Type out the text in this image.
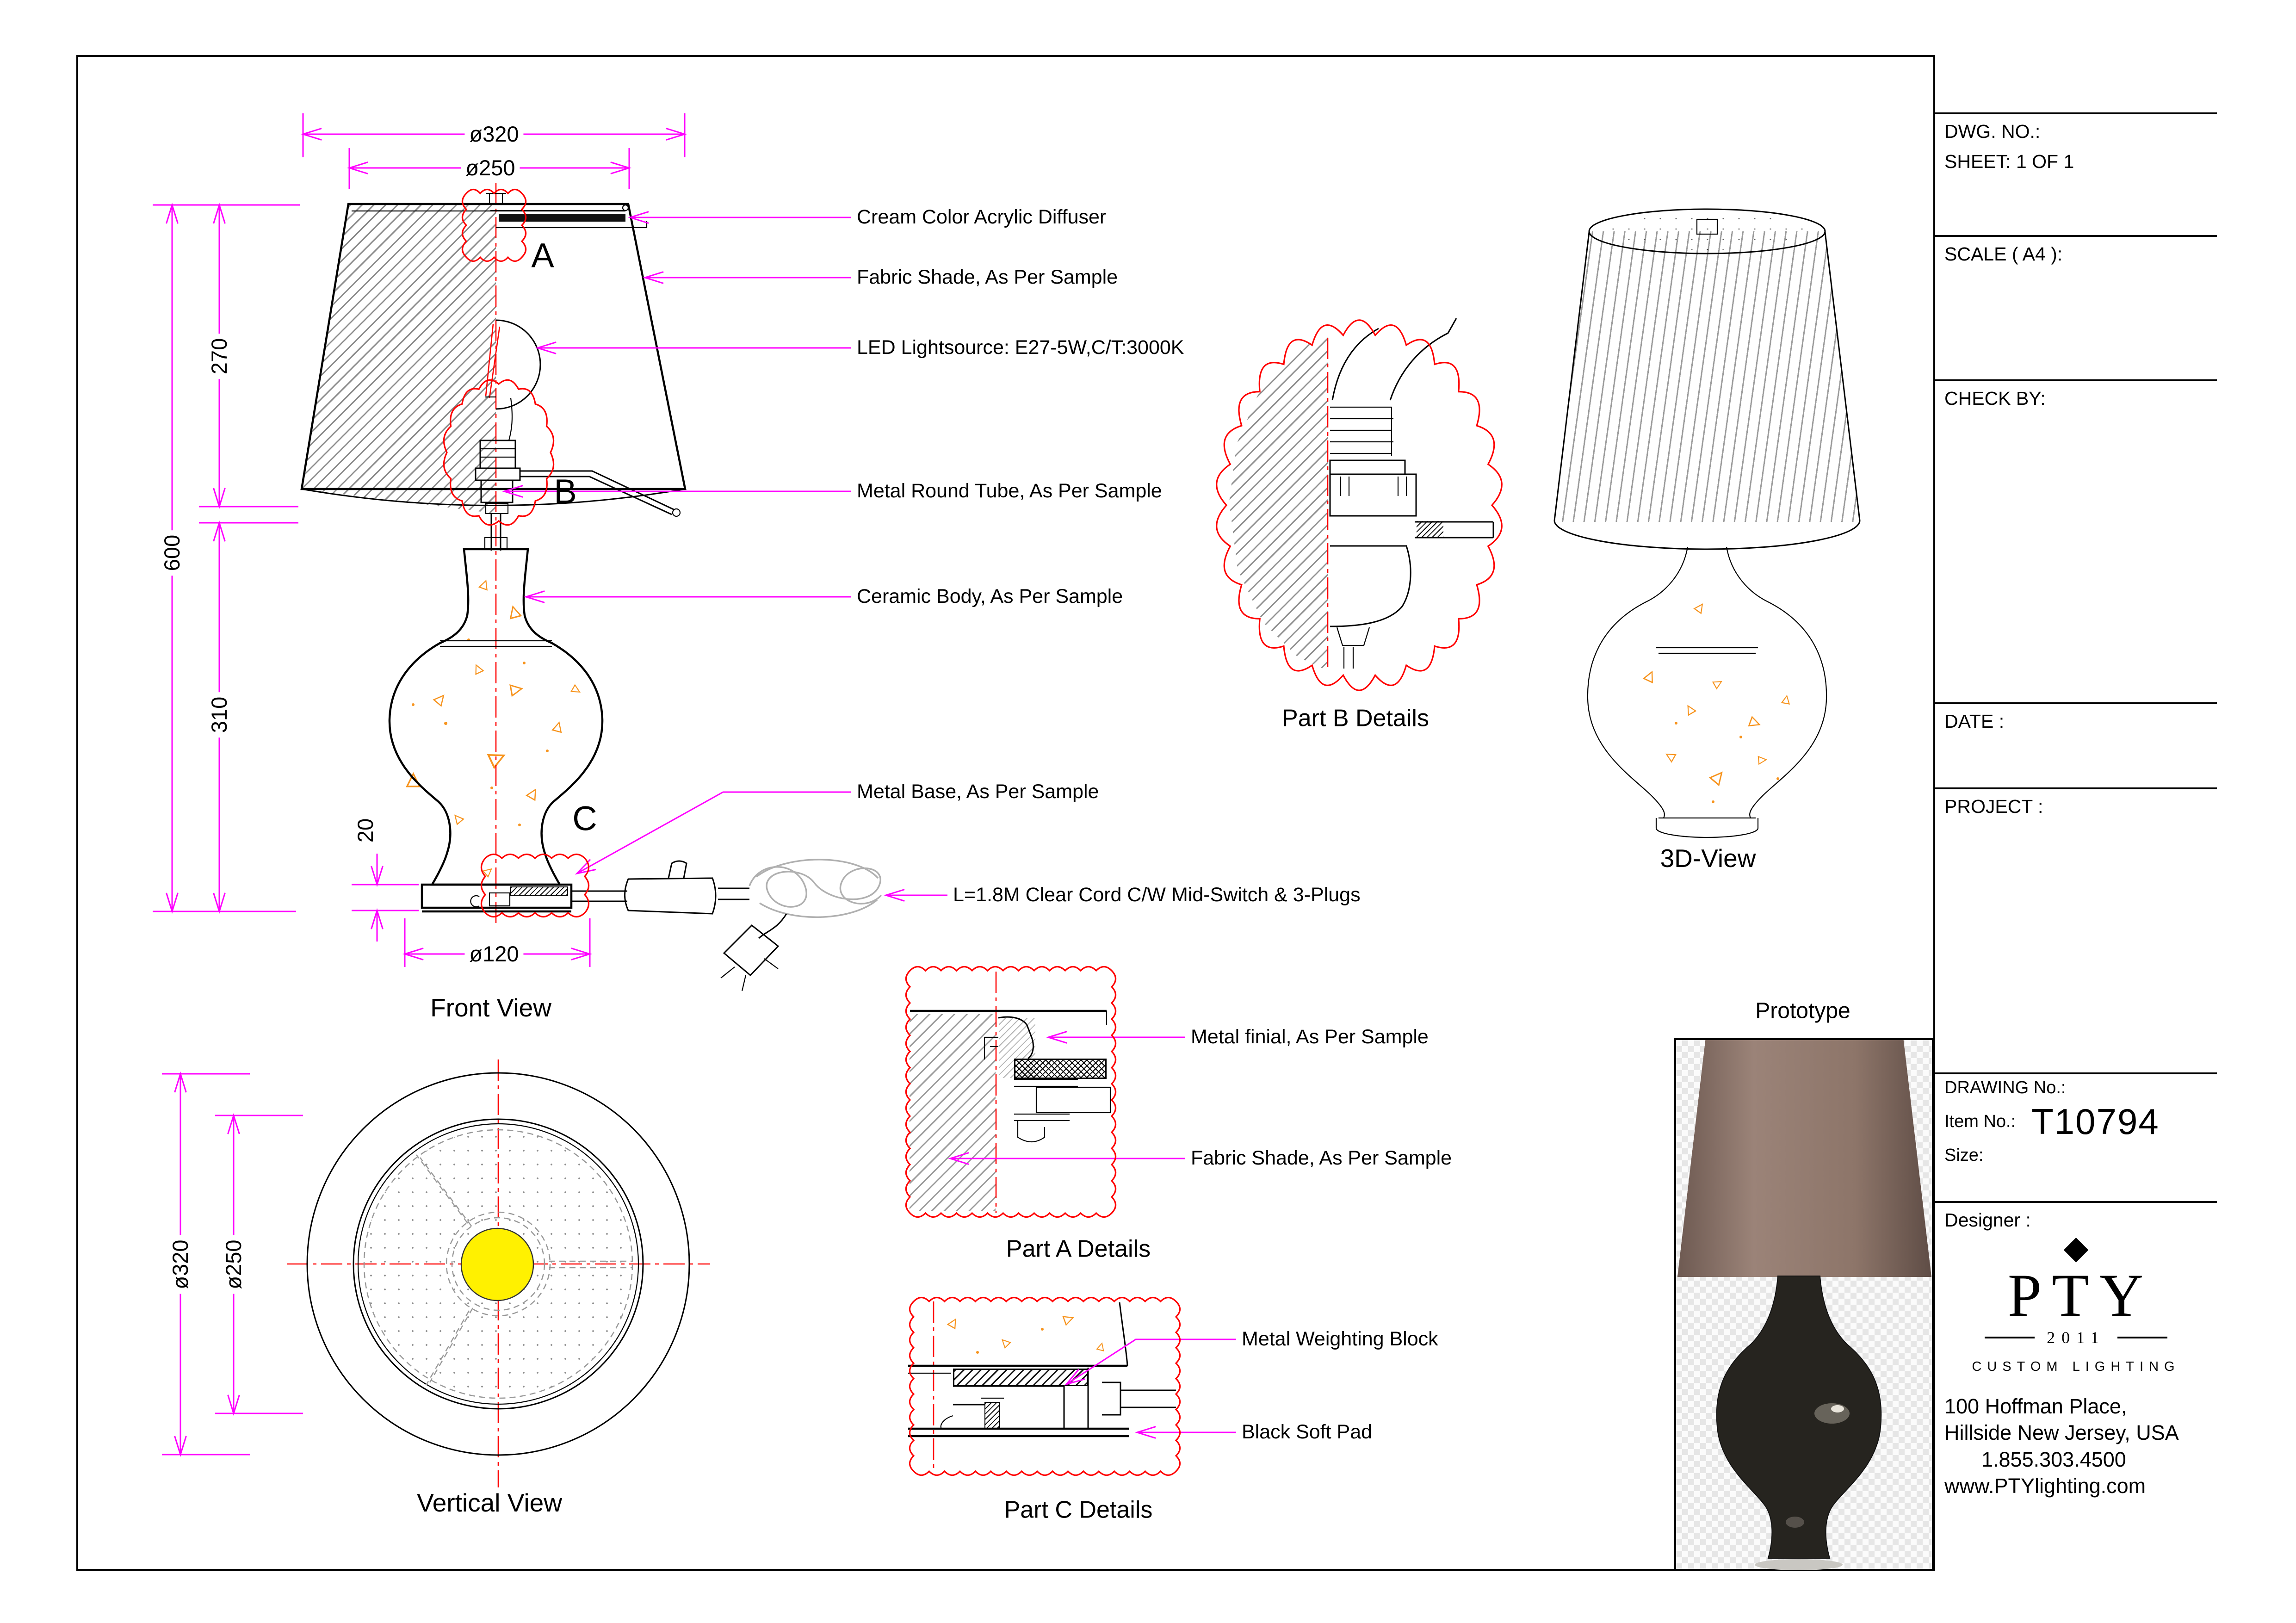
△
△
△
△
△
△
△
△
△
△
△
△
△
△
△
△
△
△
△
△
△
△
△
△
△
ø320
ø250
600
270
310
20
ø120
ø320 ø250
A
B
C
Cream Color Acrylic Diffuser
Fabric Shade, As Per Sample
LED Lightsource: E27-5W,C/T:3000K
Metal Round Tube, As Per Sample
Ceramic Body, As Per Sample
Metal Base, As Per Sample
L=1.8M Clear Cord C/W Mid-Switch & 3-Plugs
Metal finial, As Per Sample
Fabric Shade, As Per Sample
Metal Weighting Block
Black Soft Pad
Front View
Part B Details
Part A Details
Part C Details
Vertical View
3D-View
Prototype
DWG. NO.:
SHEET: 1 OF 1
SCALE ( A4 ):
CHECK BY:
DATE :
PROJECT :
DRAWING No.:
Item No.: T10794
Size:
Designer :
◆
PTY
2011
CUSTOM LIGHTING
100 Hoffman Place,
Hillside New Jersey, USA
1.855.303.4500
www.PTYlighting.com
